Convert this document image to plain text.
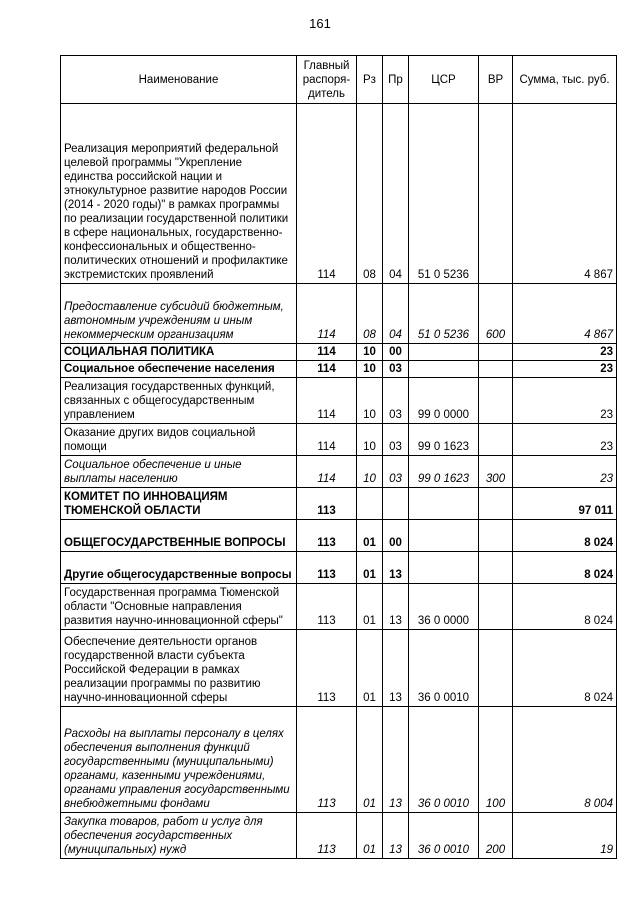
161
Наименование	Главный распоря-дитель	Рз	Пр	ЦСР	ВР	Сумма, тыс. руб.
Реализация мероприятий федеральной целевой программы "Укрепление единства российской нации и этнокультурное развитие народов России (2014 - 2020 годы)" в рамках программы по реализации государственной политики в сфере национальных, государственно-конфессиональных и общественно-политических отношений и профилактике экстремистских проявлений	114	08	04	51 0 5236		4 867
Предоставление субсидий бюджетным, автономным учреждениям и иным некоммерческим организациям	114	08	04	51 0 5236	600	4 867
СОЦИАЛЬНАЯ ПОЛИТИКА	114	10	00			23
Социальное обеспечение населения	114	10	03			23
Реализация государственных функций, связанных с общегосударственным управлением	114	10	03	99 0 0000		23
Оказание других видов социальной помощи	114	10	03	99 0 1623		23
Социальное обеспечение и иные выплаты населению	114	10	03	99 0 1623	300	23
КОМИТЕТ ПО ИННОВАЦИЯМ ТЮМЕНСКОЙ ОБЛАСТИ	113					97 011
ОБЩЕГОСУДАРСТВЕННЫЕ ВОПРОСЫ	113	01	00			8 024
Другие общегосударственные вопросы	113	01	13			8 024
Государственная программа Тюменской области "Основные направления развития научно-инновационной сферы"	113	01	13	36 0 0000		8 024
Обеспечение деятельности органов государственной власти субъекта Российской Федерации в рамках реализации программы по развитию научно-инновационной сферы	113	01	13	36 0 0010		8 024
Расходы на выплаты персоналу в целях обеспечения выполнения функций государственными (муниципальными) органами, казенными учреждениями, органами управления государственными внебюджетными фондами	113	01	13	36 0 0010	100	8 004
Закупка товаров, работ и услуг для обеспечения государственных (муниципальных) нужд	113	01	13	36 0 0010	200	19
